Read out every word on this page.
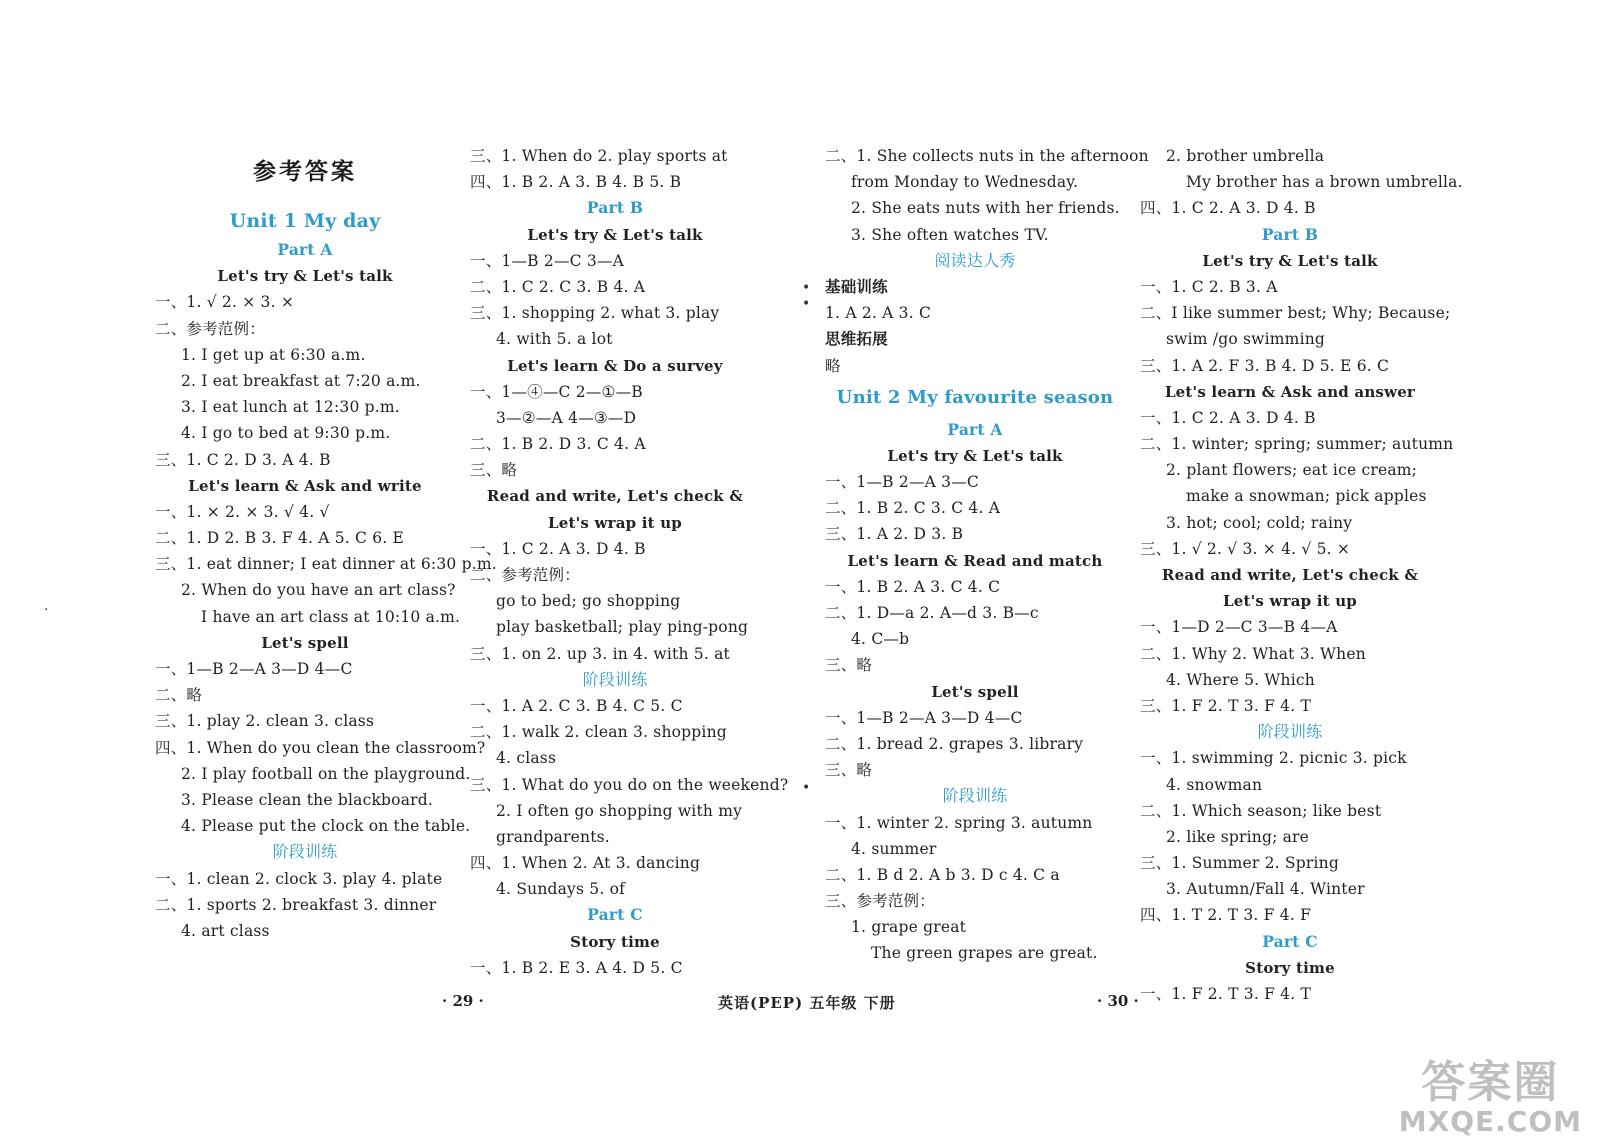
参考答案
Unit 1 My day
Part A
Let's try & Let's talk
一、1. √ 2. × 3. ×
二、参考范例：
1. I get up at 6:30 a.m.
2. I eat breakfast at 7:20 a.m.
3. I eat lunch at 12:30 p.m.
4. I go to bed at 9:30 p.m.
三、1. C 2. D 3. A 4. B
Let's learn & Ask and write
一、1. × 2. × 3. √ 4. √
二、1. D 2. B 3. F 4. A 5. C 6. E
三、1. eat dinner; I eat dinner at 6:30 p.m.
2. When do you have an art class?
I have an art class at 10:10 a.m.
Let's spell
一、1—B 2—A 3—D 4—C
二、略
三、1. play 2. clean 3. class
四、1. When do you clean the classroom?
2. I play football on the playground.
3. Please clean the blackboard.
4. Please put the clock on the table.
阶段训练
一、1. clean 2. clock 3. play 4. plate
二、1. sports 2. breakfast 3. dinner
4. art class
三、1. When do 2. play sports at
四、1. B 2. A 3. B 4. B 5. B
Part B
Let's try & Let's talk
一、1—B 2—C 3—A
二、1. C 2. C 3. B 4. A
三、1. shopping 2. what 3. play
4. with 5. a lot
Let's learn & Do a survey
一、1—④—C 2—①—B
3—②—A 4—③—D
二、1. B 2. D 3. C 4. A
三、略
Read and write, Let's check &
Let's wrap it up
一、1. C 2. A 3. D 4. B
二、参考范例：
go to bed; go shopping
play basketball; play ping-pong
三、1. on 2. up 3. in 4. with 5. at
阶段训练
一、1. A 2. C 3. B 4. C 5. C
二、1. walk 2. clean 3. shopping
4. class
三、1. What do you do on the weekend?
2. I often go shopping with my
grandparents.
四、1. When 2. At 3. dancing
4. Sundays 5. of
Part C
Story time
一、1. B 2. E 3. A 4. D 5. C
二、1. She collects nuts in the afternoon
from Monday to Wednesday.
2. She eats nuts with her friends.
3. She often watches TV.
阅读达人秀
基础训练
1. A 2. A 3. C
思维拓展
略
Unit 2 My favourite season
Part A
Let's try & Let's talk
一、1—B 2—A 3—C
二、1. B 2. C 3. C 4. A
三、1. A 2. D 3. B
Let's learn & Read and match
一、1. B 2. A 3. C 4. C
二、1. D—a 2. A—d 3. B—c
4. C—b
三、略
Let's spell
一、1—B 2—A 3—D 4—C
二、1. bread 2. grapes 3. library
三、略
阶段训练
一、1. winter 2. spring 3. autumn
4. summer
二、1. B d 2. A b 3. D c 4. C a
三、参考范例：
1. grape great
The green grapes are great.
2. brother umbrella
My brother has a brown umbrella.
四、1. C 2. A 3. D 4. B
Part B
Let's try & Let's talk
一、1. C 2. B 3. A
二、I like summer best; Why; Because;
swim /go swimming
三、1. A 2. F 3. B 4. D 5. E 6. C
Let's learn & Ask and answer
一、1. C 2. A 3. D 4. B
二、1. winter; spring; summer; autumn
2. plant flowers; eat ice cream;
make a snowman; pick apples
3. hot; cool; cold; rainy
三、1. √ 2. √ 3. × 4. √ 5. ×
Read and write, Let's check &
Let's wrap it up
一、1—D 2—C 3—B 4—A
二、1. Why 2. What 3. When
4. Where 5. Which
三、1. F 2. T 3. F 4. T
阶段训练
一、1. swimming 2. picnic 3. pick
4. snowman
二、1. Which season; like best
2. like spring; are
三、1. Summer 2. Spring
3. Autumn/Fall 4. Winter
四、1. T 2. T 3. F 4. F
Part C
Story time
一、1. F 2. T 3. F 4. T
·
•
•
•
· 29 ·	英语(PEP) 五年级 下册	· 30 ·
答案圈
MXQE.COM
